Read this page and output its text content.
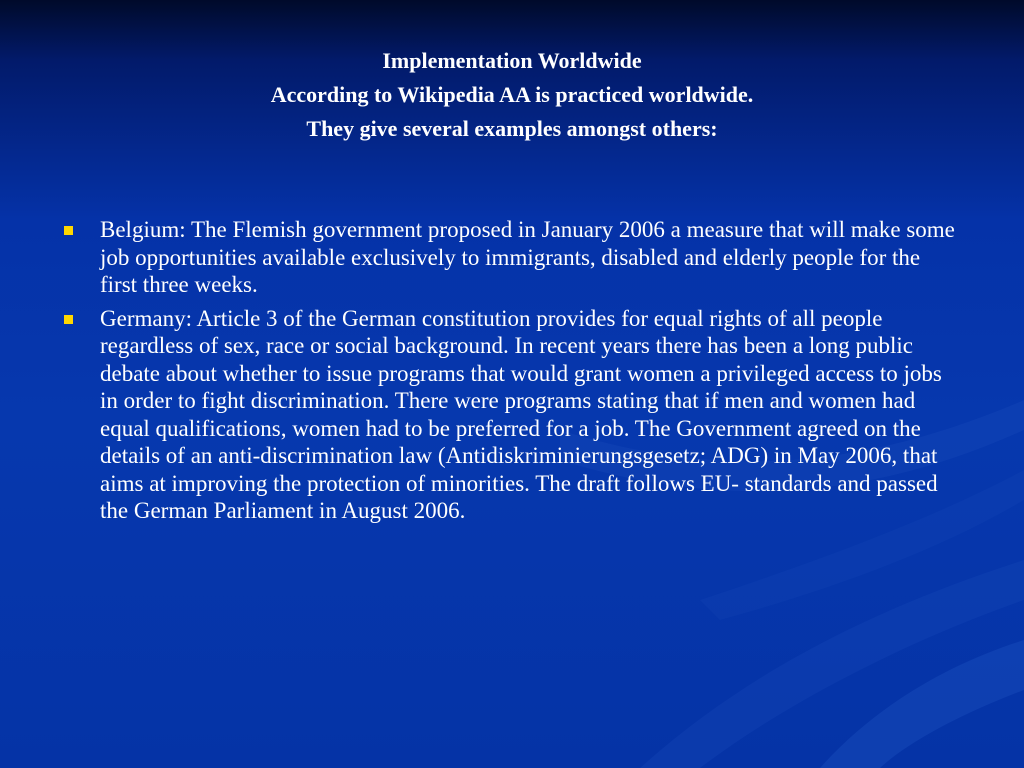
Implementation Worldwide
According to Wikipedia AA is practiced worldwide.
They give several examples amongst others:
Belgium: The Flemish government proposed in January 2006 a measure that will make some job opportunities available exclusively to immigrants, disabled and elderly people for the first three weeks.
Germany: Article 3 of the German constitution provides for equal rights of all people regardless of sex, race or social background. In recent years there has been a long public debate about whether to issue programs that would grant women a privileged access to jobs in order to fight discrimination. There were programs stating that if men and women had equal qualifications, women had to be preferred for a job. The Government agreed on the details of an anti-discrimination law (Antidiskriminierungsgesetz; ADG) in May 2006, that aims at improving the protection of minorities. The draft follows EU- standards and passed the German Parliament in August 2006.
